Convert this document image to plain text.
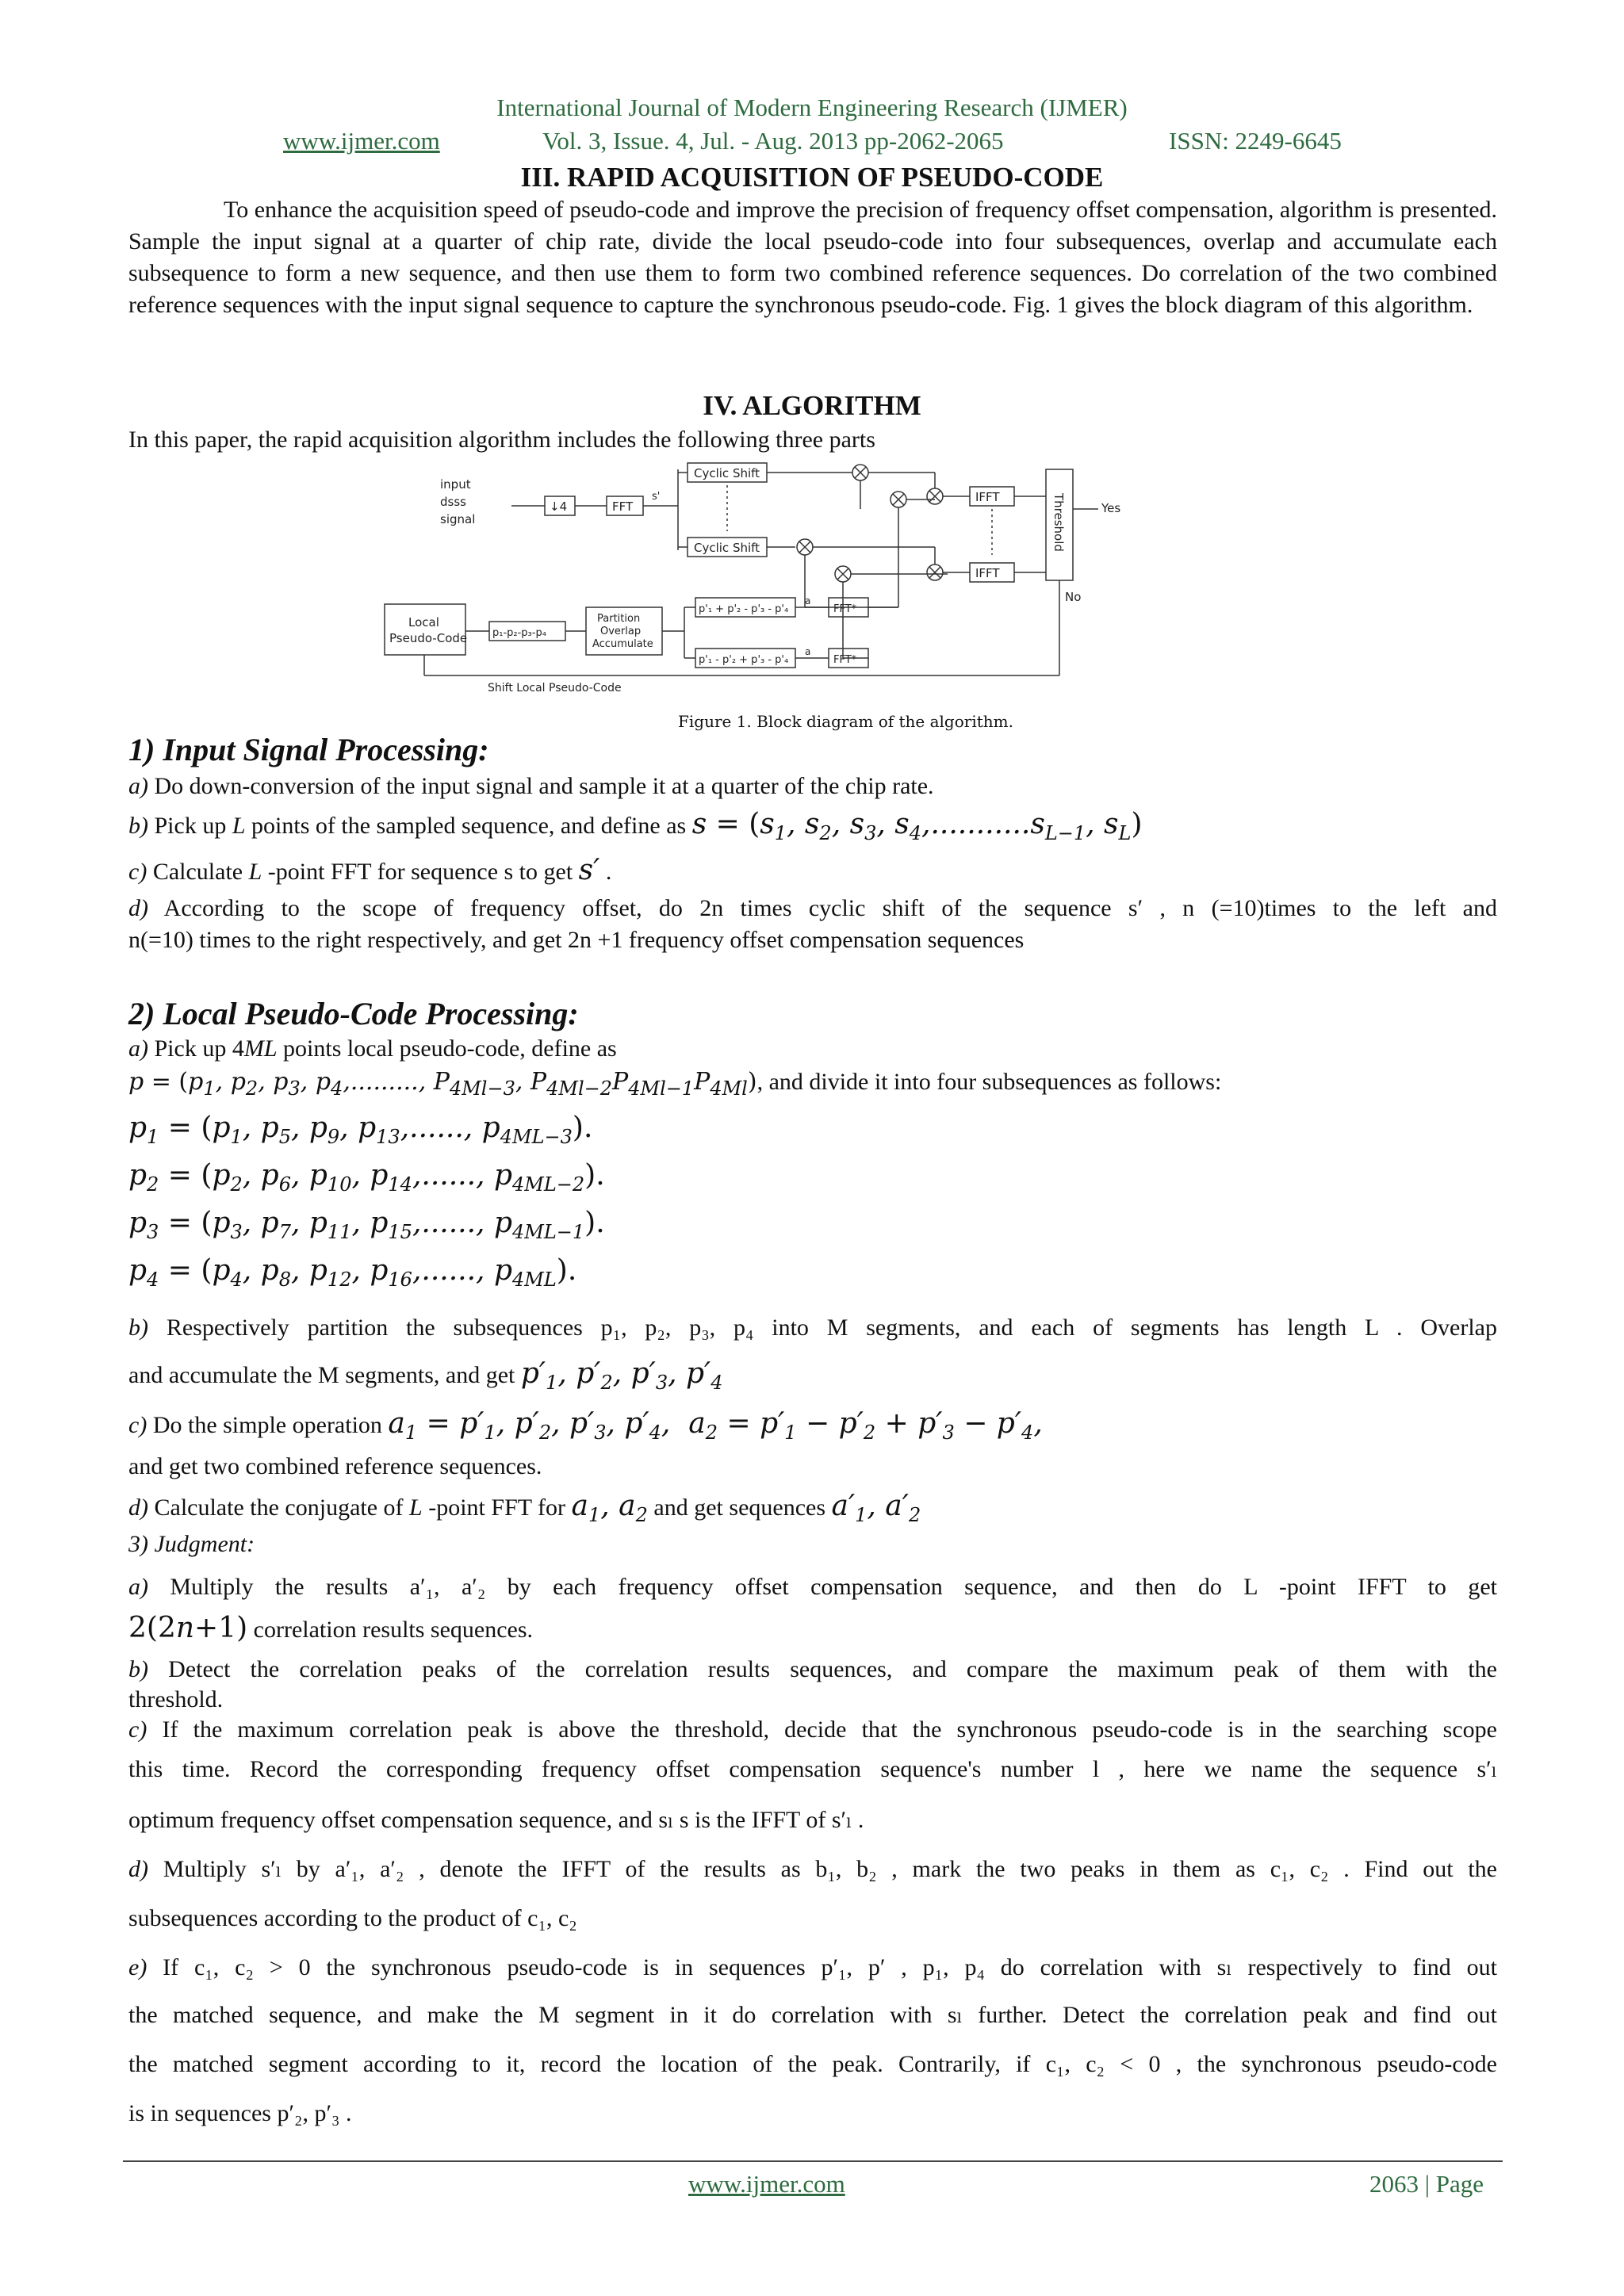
International Journal of Modern Engineering Research (IJMER)
www.ijmer.com	Vol. 3, Issue. 4, Jul. - Aug. 2013 pp-2062-2065	ISSN: 2249-6645
III. RAPID ACQUISITION OF PSEUDO-CODE

To enhance the acquisition speed of pseudo-code and improve the precision of frequency offset compensation, algorithm is presented. Sample the input signal at a quarter of chip rate, divide the local pseudo-code into four subsequences, overlap and accumulate each subsequence to form a new sequence, and then use them to form two combined reference sequences. Do correlation of the two combined reference sequences with the input signal sequence to capture the synchronous pseudo-code. Fig. 1 gives the block diagram of this algorithm.

IV. ALGORITHM
In this paper, the rapid acquisition algorithm includes the following three parts
input
dsss
signal
↓4	FFT
s'
Cyclic Shift
Cyclic Shift
IFFT
IFFT
Threshold	Yes
No
Local
Pseudo-Code p₁-p₂-p₃-p₄
Partition
Overlap
Accumulate
p'₁ + p'₂ - p'₃ - p'₄
p'₁ - p'₂ + p'₃ - p'₄
a
a
FFT*
FFT*
Shift Local Pseudo-Code
Figure 1. Block diagram of the algorithm.
1) Input Signal Processing:
a) Do down-conversion of the input signal and sample it at a quarter of the chip rate.
b) Pick up L points of the sampled sequence, and define as $s = (s_1$, $s_2$, $s_3$, $s_4,...........s_{L-1}$, $s_L$)
c) Calculate L -point FFT for sequence s to get s′ .
d) According to the scope of frequency offset, do 2n times cyclic shift of the sequence s′ , n (=10)times to the left and
n(=10) times to the right respectively, and get 2n +1 frequency offset compensation sequences
2) Local Pseudo-Code Processing:
a) Pick up 4ML points local pseudo-code, define as
$p = (p_1$, $p_2$, $p_3$, $p_4$,........., $P_{4Ml-3}$, $P_{4Ml-2}P_{4Ml-1}P_{4Ml}$), and divide it into four subsequences as follows:
$p_1 = (p_1$, $p_5$, $p_9$, $p_{13}$,......, $p_{4ML-3}$).
$p_2 = (p_2$, $p_6$, $p_{10}$, $p_{14}$,......, $p_{4ML-2}$).
$p_3 = (p_3$, $p_7$, $p_{11}$, $p_{15}$,......, $p_{4ML-1}$).
$p_4 = (p_4$, $p_8$, $p_{12}$, $p_{16}$,......, $p_{4ML}$).
b) Respectively partition the subsequences p₁, p₂, p₃, p₄ into M segments, and each of segments has length L . Overlap
and accumulate the M segments, and get $p'_1$, $p'_2$, $p'_3$, $p'_4$
c) Do the simple operation $a_1 = p'_1$, $p'_2$, $p'_3$, $p'_4$,  $a_2 = p'_1 - p'_2 + p'_3 - p'_4$,
and get two combined reference sequences.
d) Calculate the conjugate of L -point FFT for $a_1$, $a_2$ and get sequences $a'_1$, $a'_2$
3) Judgment:
a) Multiply the results a′₁, a′₂ by each frequency offset compensation sequence, and then do L -point IFFT to get
2(2n+1) correlation results sequences.
b) Detect the correlation peaks of the correlation results sequences, and compare the maximum peak of them with the
threshold.
c) If the maximum correlation peak is above the threshold, decide that the synchronous pseudo-code is in the searching scope
this time. Record the corresponding frequency offset compensation sequence's number l , here we name the sequence s′ₗ
optimum frequency offset compensation sequence, and sₗ s is the IFFT of s′ₗ .
d) Multiply s′ₗ by a′₁, a′₂ , denote the IFFT of the results as b₁, b₂ , mark the two peaks in them as c₁, c₂ . Find out the
subsequences according to the product of c₁, c₂
e) If c₁, c₂ > 0 the synchronous pseudo-code is in sequences p′₁, p′ , p₁, p₄ do correlation with sₗ respectively to find out
the matched sequence, and make the M segment in it do correlation with sₗ further. Detect the correlation peak and find out
the matched segment according to it, record the location of the peak. Contrarily, if c₁, c₂ < 0 , the synchronous pseudo-code
is in sequences p′₂, p′₃ .
www.ijmer.com	2063 | Page
